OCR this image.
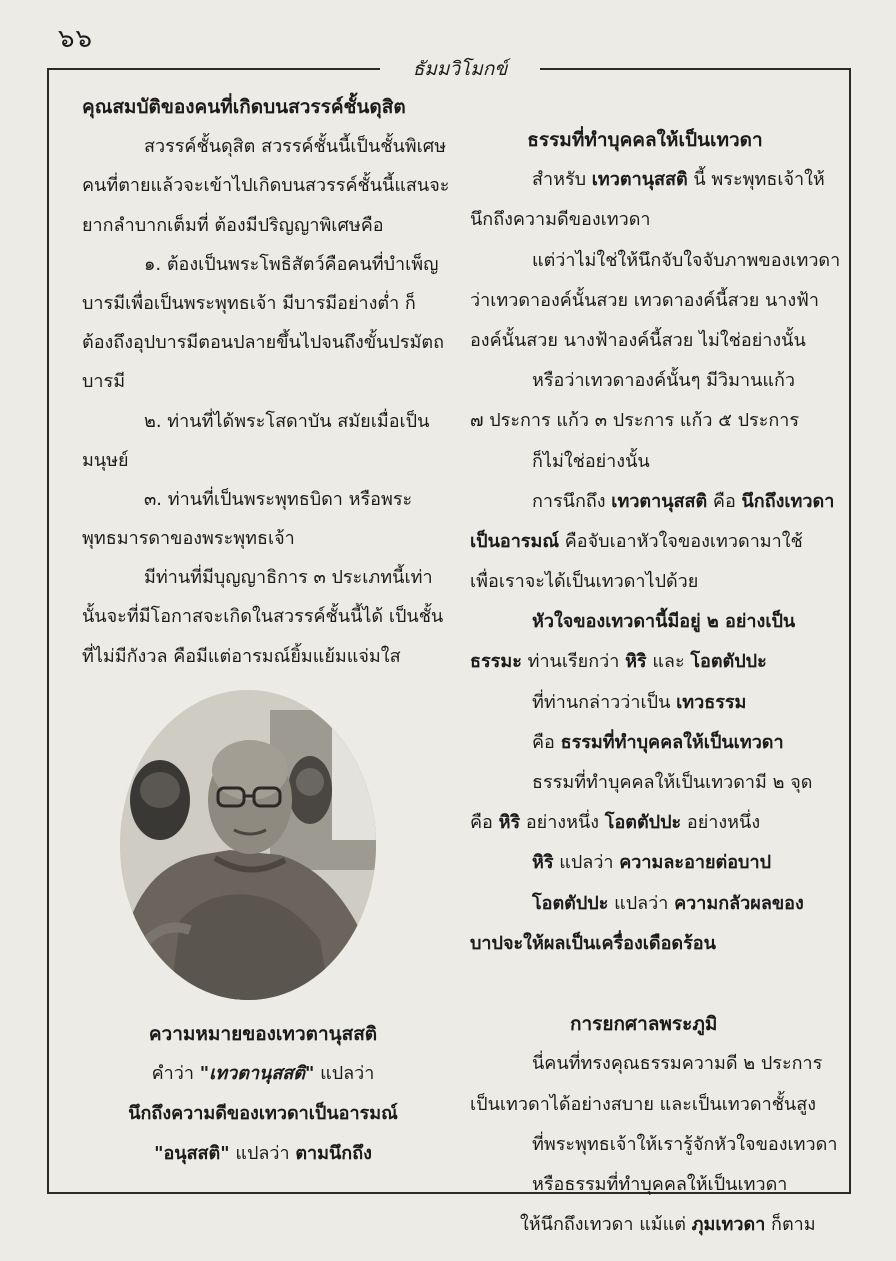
๖๖
ธัมมวิโมกข์
คุณสมบัติของคนที่เกิดบนสวรรค์ชั้นดุสิต
สวรรค์ชั้นดุสิต สวรรค์ชั้นนี้เป็นชั้นพิเศษ
คนที่ตายแล้วจะเข้าไปเกิดบนสวรรค์ชั้นนี้แสนจะ
ยากลำบากเต็มที่ ต้องมีปริญญาพิเศษคือ
๑. ต้องเป็นพระโพธิสัตว์คือคนที่บำเพ็ญ
บารมีเพื่อเป็นพระพุทธเจ้า มีบารมีอย่างต่ำ ก็
ต้องถึงอุปบารมีตอนปลายขึ้นไปจนถึงขั้นปรมัตถ
บารมี
๒. ท่านที่ได้พระโสดาบัน สมัยเมื่อเป็น
มนุษย์
๓. ท่านที่เป็นพระพุทธบิดา หรือพระ
พุทธมารดาของพระพุทธเจ้า
มีท่านที่มีบุญญาธิการ ๓ ประเภทนี้เท่า
นั้นจะที่มีโอกาสจะเกิดในสวรรค์ชั้นนี้ได้ เป็นชั้น
ที่ไม่มีกังวล คือมีแต่อารมณ์ยิ้มแย้มแจ่มใส
ความหมายของเทวตานุสสติ
คำว่า "เทวตานุสสติ" แปลว่า
นึกถึงความดีของเทวดาเป็นอารมณ์
"อนุสสติ" แปลว่า ตามนึกถึง
ธรรมที่ทำบุคคลให้เป็นเทวดา
สำหรับ เทวตานุสสติ นี้ พระพุทธเจ้าให้
นึกถึงความดีของเทวดา
แต่ว่าไม่ใช่ให้นึกจับใจจับภาพของเทวดา
ว่าเทวดาองค์นั้นสวย เทวดาองค์นี้สวย นางฟ้า
องค์นั้นสวย นางฟ้าองค์นี้สวย ไม่ใช่อย่างนั้น
หรือว่าเทวดาองค์นั้นๆ มีวิมานแก้ว
๗ ประการ แก้ว ๓ ประการ แก้ว ๕ ประการ
ก็ไม่ใช่อย่างนั้น
การนึกถึง เทวตานุสสติ คือ นึกถึงเทวดา
เป็นอารมณ์ คือจับเอาหัวใจของเทวดามาใช้
เพื่อเราจะได้เป็นเทวดาไปด้วย
หัวใจของเทวดานี้มีอยู่ ๒ อย่างเป็น
ธรรมะ ท่านเรียกว่า หิริ และ โอตตัปปะ
ที่ท่านกล่าวว่าเป็น เทวธรรม
คือ ธรรมที่ทำบุคคลให้เป็นเทวดา
ธรรมที่ทำบุคคลให้เป็นเทวดามี ๒ จุด
คือ หิริ อย่างหนึ่ง โอตตัปปะ อย่างหนึ่ง
หิริ แปลว่า ความละอายต่อบาป
โอตตัปปะ แปลว่า ความกลัวผลของ
บาปจะให้ผลเป็นเครื่องเดือดร้อน
การยกศาลพระภูมิ
นี่คนที่ทรงคุณธรรมความดี ๒ ประการ
เป็นเทวดาได้อย่างสบาย และเป็นเทวดาชั้นสูง
ที่พระพุทธเจ้าให้เรารู้จักหัวใจของเทวดา
หรือธรรมที่ทำบุคคลให้เป็นเทวดา
ให้นึกถึงเทวดา แม้แต่ ภุมเทวดา ก็ตาม
